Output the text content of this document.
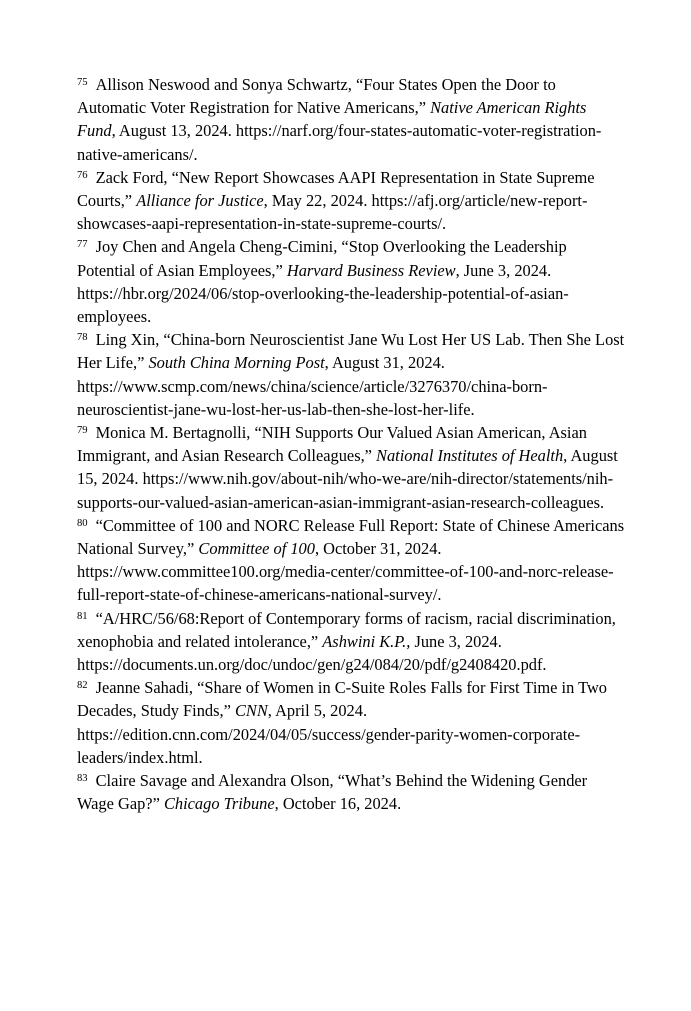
$^{75}$ Allison Neswood and Sonya Schwartz, “Four States Open the Door to Automatic Voter Registration for Native Americans,” Native American Rights Fund, August 13, 2024. https://narf.org/four-states-automatic-voter-registration-native-americans/.

$^{76}$ Zack Ford, “New Report Showcases AAPI Representation in State Supreme Courts,” Alliance for Justice, May 22, 2024. https://afj.org/article/new-report-showcases-aapi-representation-in-state-supreme-courts/.

$^{77}$ Joy Chen and Angela Cheng-Cimini, “Stop Overlooking the Leadership Potential of Asian Employees,” Harvard Business Review, June 3, 2024. https://hbr.org/2024/06/stop-overlooking-the-leadership-potential-of-asian-employees.

$^{78}$ Ling Xin, “China-born Neuroscientist Jane Wu Lost Her US Lab. Then She Lost Her Life,” South China Morning Post, August 31, 2024. https://www.scmp.com/news/china/science/article/3276370/china-born-neuroscientist-jane-wu-lost-her-us-lab-then-she-lost-her-life.

$^{79}$ Monica M. Bertagnolli, “NIH Supports Our Valued Asian American, Asian Immigrant, and Asian Research Colleagues,” National Institutes of Health, August 15, 2024. https://www.nih.gov/about-nih/who-we-are/nih-director/statements/nih-supports-our-valued-asian-american-asian-immigrant-asian-research-colleagues.

$^{80}$ “Committee of 100 and NORC Release Full Report: State of Chinese Americans National Survey,” Committee of 100, October 31, 2024. https://www.committee100.org/media-center/committee-of-100-and-norc-release-full-report-state-of-chinese-americans-national-survey/.

$^{81}$ “A/HRC/56/68:Report of Contemporary forms of racism, racial discrimination, xenophobia and related intolerance,” Ashwini K.P., June 3, 2024. https://documents.un.org/doc/undoc/gen/g24/084/20/pdf/g2408420.pdf.

$^{82}$ Jeanne Sahadi, “Share of Women in C-Suite Roles Falls for First Time in Two Decades, Study Finds,” CNN, April 5, 2024. https://edition.cnn.com/2024/04/05/success/gender-parity-women-corporate-leaders/index.html.

$^{83}$ Claire Savage and Alexandra Olson, “What’s Behind the Widening Gender Wage Gap?” Chicago Tribune, October 16, 2024.
